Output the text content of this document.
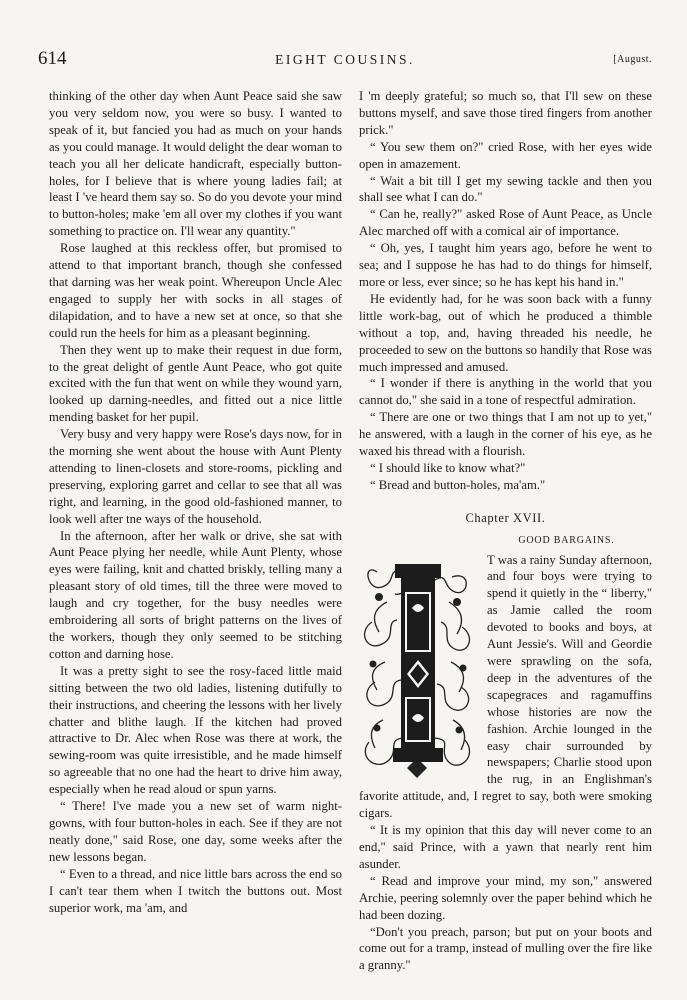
614	EIGHT COUSINS.	[August.

thinking of the other day when Aunt Peace said she saw you very seldom now, you were so busy. I wanted to speak of it, but fancied you had as much on your hands as you could manage. It would delight the dear woman to teach you all her delicate handicraft, especially button-holes, for I believe that is where young ladies fail; at least I 've heard them say so. So do you devote your mind to button-holes; make 'em all over my clothes if you want something to practice on. I'll wear any quantity."

Rose laughed at this reckless offer, but promised to attend to that important branch, though she confessed that darning was her weak point. Whereupon Uncle Alec engaged to supply her with socks in all stages of dilapidation, and to have a new set at once, so that she could run the heels for him as a pleasant beginning.

Then they went up to make their request in due form, to the great delight of gentle Aunt Peace, who got quite excited with the fun that went on while they wound yarn, looked up darning-needles, and fitted out a nice little mending basket for her pupil.

Very busy and very happy were Rose's days now, for in the morning she went about the house with Aunt Plenty attending to linen-closets and store-rooms, pickling and preserving, exploring garret and cellar to see that all was right, and learning, in the good old-fashioned manner, to look well after tne ways of the household.

In the afternoon, after her walk or drive, she sat with Aunt Peace plying her needle, while Aunt Plenty, whose eyes were failing, knit and chatted briskly, telling many a pleasant story of old times, till the three were moved to laugh and cry together, for the busy needles were embroidering all sorts of bright patterns on the lives of the workers, though they only seemed to be stitching cotton and darning hose.

It was a pretty sight to see the rosy-faced little maid sitting between the two old ladies, listening dutifully to their instructions, and cheering the lessons with her lively chatter and blithe laugh. If the kitchen had proved attractive to Dr. Alec when Rose was there at work, the sewing-room was quite irresistible, and he made himself so agreeable that no one had the heart to drive him away, especially when he read aloud or spun yarns.

“ There! I've made you a new set of warm night-gowns, with four button-holes in each. See if they are not neatly done," said Rose, one day, some weeks after the new lessons began.

“ Even to a thread, and nice little bars across the end so I can't tear them when I twitch the buttons out. Most superior work, ma 'am, and

I 'm deeply grateful; so much so, that I'll sew on these buttons myself, and save those tired fingers from another prick."

“ You sew them on?" cried Rose, with her eyes wide open in amazement.

“ Wait a bit till I get my sewing tackle and then you shall see what I can do."

“ Can he, really?" asked Rose of Aunt Peace, as Uncle Alec marched off with a comical air of importance.

“ Oh, yes, I taught him years ago, before he went to sea; and I suppose he has had to do things for himself, more or less, ever since; so he has kept his hand in."

He evidently had, for he was soon back with a funny little work-bag, out of which he produced a thimble without a top, and, having threaded his needle, he proceeded to sew on the buttons so handily that Rose was much impressed and amused.

“ I wonder if there is anything in the world that you cannot do," she said in a tone of respectful admiration.

“ There are one or two things that I am not up to yet," he answered, with a laugh in the corner of his eye, as he waxed his thread with a flourish.

“ I should like to know what?"

“ Bread and button-holes, ma'am."

Chapter XVII.
GOOD BARGAINS.

T was a rainy Sunday afternoon, and four boys were trying to spend it quietly in the “ liberry," as Jamie called the room devoted to books and boys, at Aunt Jessie's. Will and Geordie were sprawling on the sofa, deep in the adventures of the scapegraces and ragamuffins whose histories are now the fashion. Archie lounged in the easy chair surrounded by newspapers; Charlie stood upon the rug, in an Englishman's favorite attitude, and, I regret to say, both were smoking cigars.

“ It is my opinion that this day will never come to an end," said Prince, with a yawn that nearly rent him asunder.

“ Read and improve your mind, my son," answered Archie, peering solemnly over the paper behind which he had been dozing.

“Don't you preach, parson; but put on your boots and come out for a tramp, instead of mulling over the fire like a granny."
